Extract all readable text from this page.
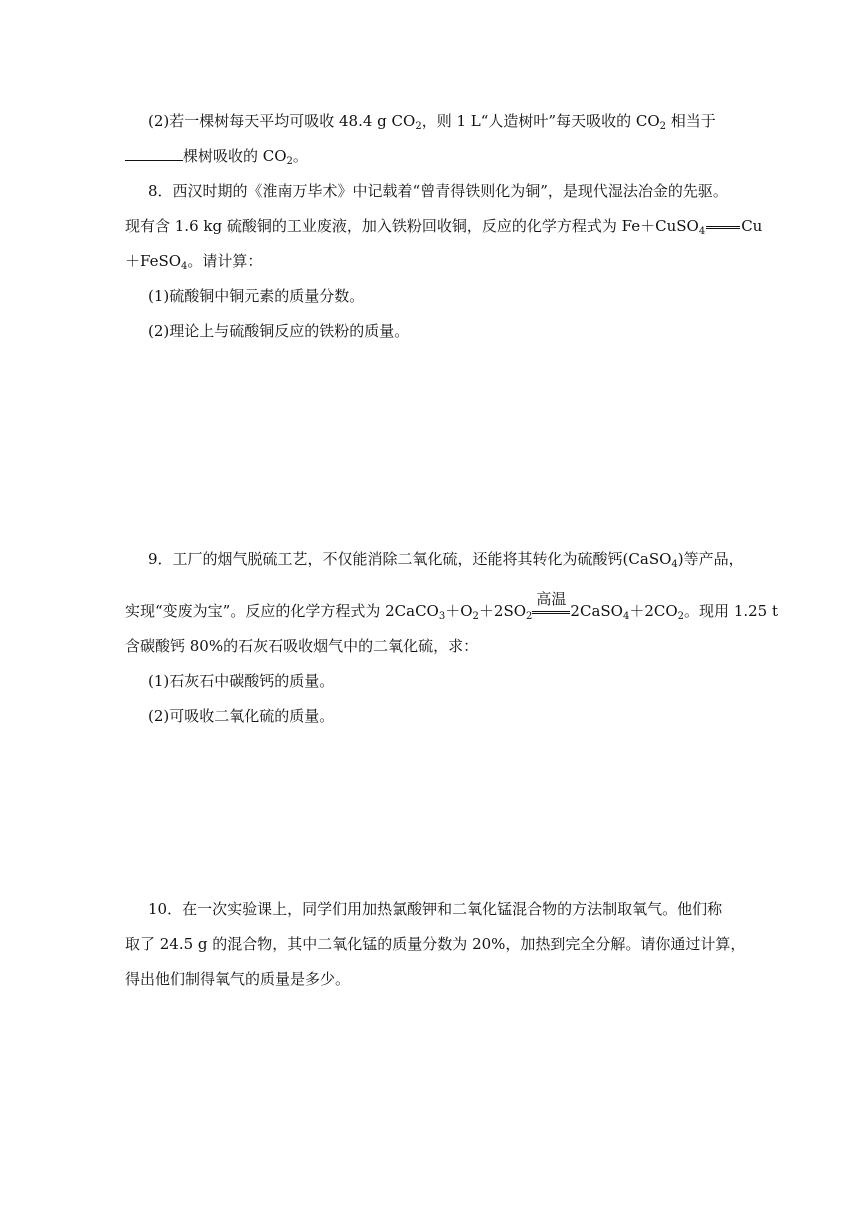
(2)若一棵树每天平均可吸收 48.4 g $CO_2$，则 1 L“人造树叶”每天吸收的 $CO_2$ 相当于
棵树吸收的 $CO_2$。
8．西汉时期的《淮南万毕术》中记载着“曾青得铁则化为铜”，是现代湿法冶金的先驱。
现有含 1.6 kg 硫酸铜的工业废液，加入铁粉回收铜，反应的化学方程式为 Fe＋CuSO$_4$ Cu
＋FeSO$_4$。请计算：
(1)硫酸铜中铜元素的质量分数。
(2)理论上与硫酸铜反应的铁粉的质量。
9．工厂的烟气脱硫工艺，不仅能消除二氧化硫，还能将其转化为硫酸钙(CaSO$_4$)等产品，
实现“变废为宝”。反应的化学方程式为 $2CaCO_3+O_2+2SO_2$
高温
$2CaSO_4+2CO_2$。现用 1.25 t
含碳酸钙 80%的石灰石吸收烟气中的二氧化硫，求：
(1)石灰石中碳酸钙的质量。
(2)可吸收二氧化硫的质量。
10．在一次实验课上，同学们用加热氯酸钾和二氧化锰混合物的方法制取氧气。他们称
取了 24.5 g 的混合物，其中二氧化锰的质量分数为 20%，加热到完全分解。请你通过计算，
得出他们制得氧气的质量是多少。
